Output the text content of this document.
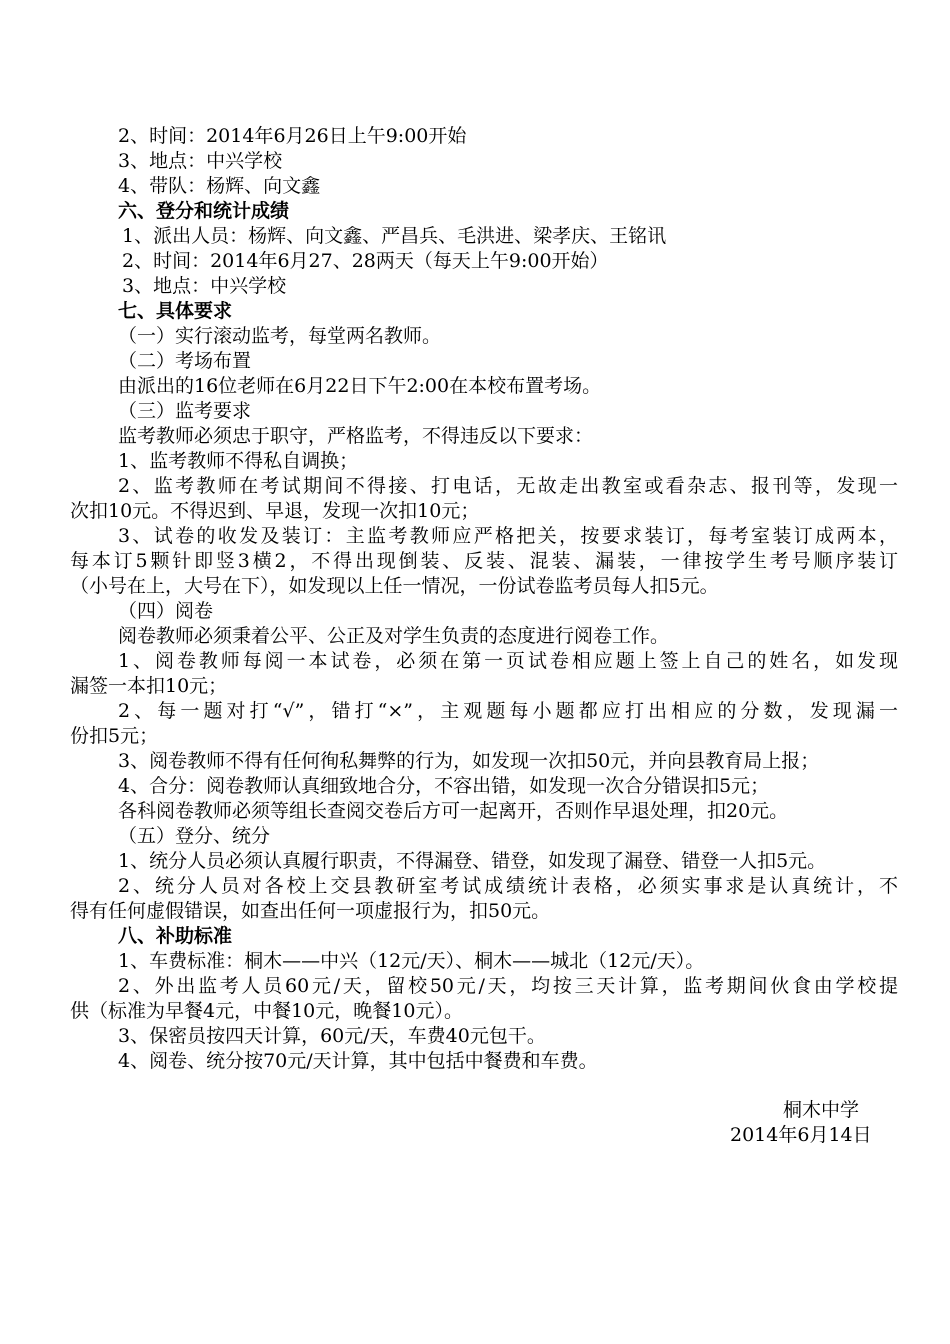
2、时间：2014年6月26日上午9:00开始
3、地点：中兴学校
4、带队：杨辉、向文鑫
六、登分和统计成绩
1、派出人员：杨辉、向文鑫、严昌兵、毛洪进、梁孝庆、王铭讯
2、时间：2014年6月27、28两天（每天上午9:00开始）
3、地点：中兴学校
七、具体要求
（一）实行滚动监考，每堂两名教师。
（二）考场布置
由派出的16位老师在6月22日下午2:00在本校布置考场。
（三）监考要求
监考教师必须忠于职守，严格监考，不得违反以下要求：
1、监考教师不得私自调换；
2、监考教师在考试期间不得接、打电话，无故走出教室或看杂志、报刊等，发现一
次扣10元。不得迟到、早退，发现一次扣10元；
3、试卷的收发及装订：主监考教师应严格把关，按要求装订，每考室装订成两本，
每本订5颗针即竖3横2，不得出现倒装、反装、混装、漏装，一律按学生考号顺序装订
（小号在上，大号在下），如发现以上任一情况，一份试卷监考员每人扣5元。
（四）阅卷
阅卷教师必须秉着公平、公正及对学生负责的态度进行阅卷工作。
1、阅卷教师每阅一本试卷，必须在第一页试卷相应题上签上自己的姓名，如发现
漏签一本扣10元；
2、每一题对打“√”，错打“×”，主观题每小题都应打出相应的分数，发现漏一
份扣5元；
3、阅卷教师不得有任何徇私舞弊的行为，如发现一次扣50元，并向县教育局上报；
4、合分：阅卷教师认真细致地合分，不容出错，如发现一次合分错误扣5元；
各科阅卷教师必须等组长查阅交卷后方可一起离开，否则作早退处理，扣20元。
（五）登分、统分
1、统分人员必须认真履行职责，不得漏登、错登，如发现了漏登、错登一人扣5元。
2、统分人员对各校上交县教研室考试成绩统计表格，必须实事求是认真统计，不
得有任何虚假错误，如查出任何一项虚报行为，扣50元。
八、补助标准
1、车费标准：桐木——中兴（12元/天）、桐木——城北（12元/天）。
2、外出监考人员60元/天，留校50元/天，均按三天计算，监考期间伙食由学校提
供（标准为早餐4元，中餐10元，晚餐10元）。
3、保密员按四天计算，60元/天，车费40元包干。
4、阅卷、统分按70元/天计算，其中包括中餐费和车费。
桐木中学
2014年6月14日
